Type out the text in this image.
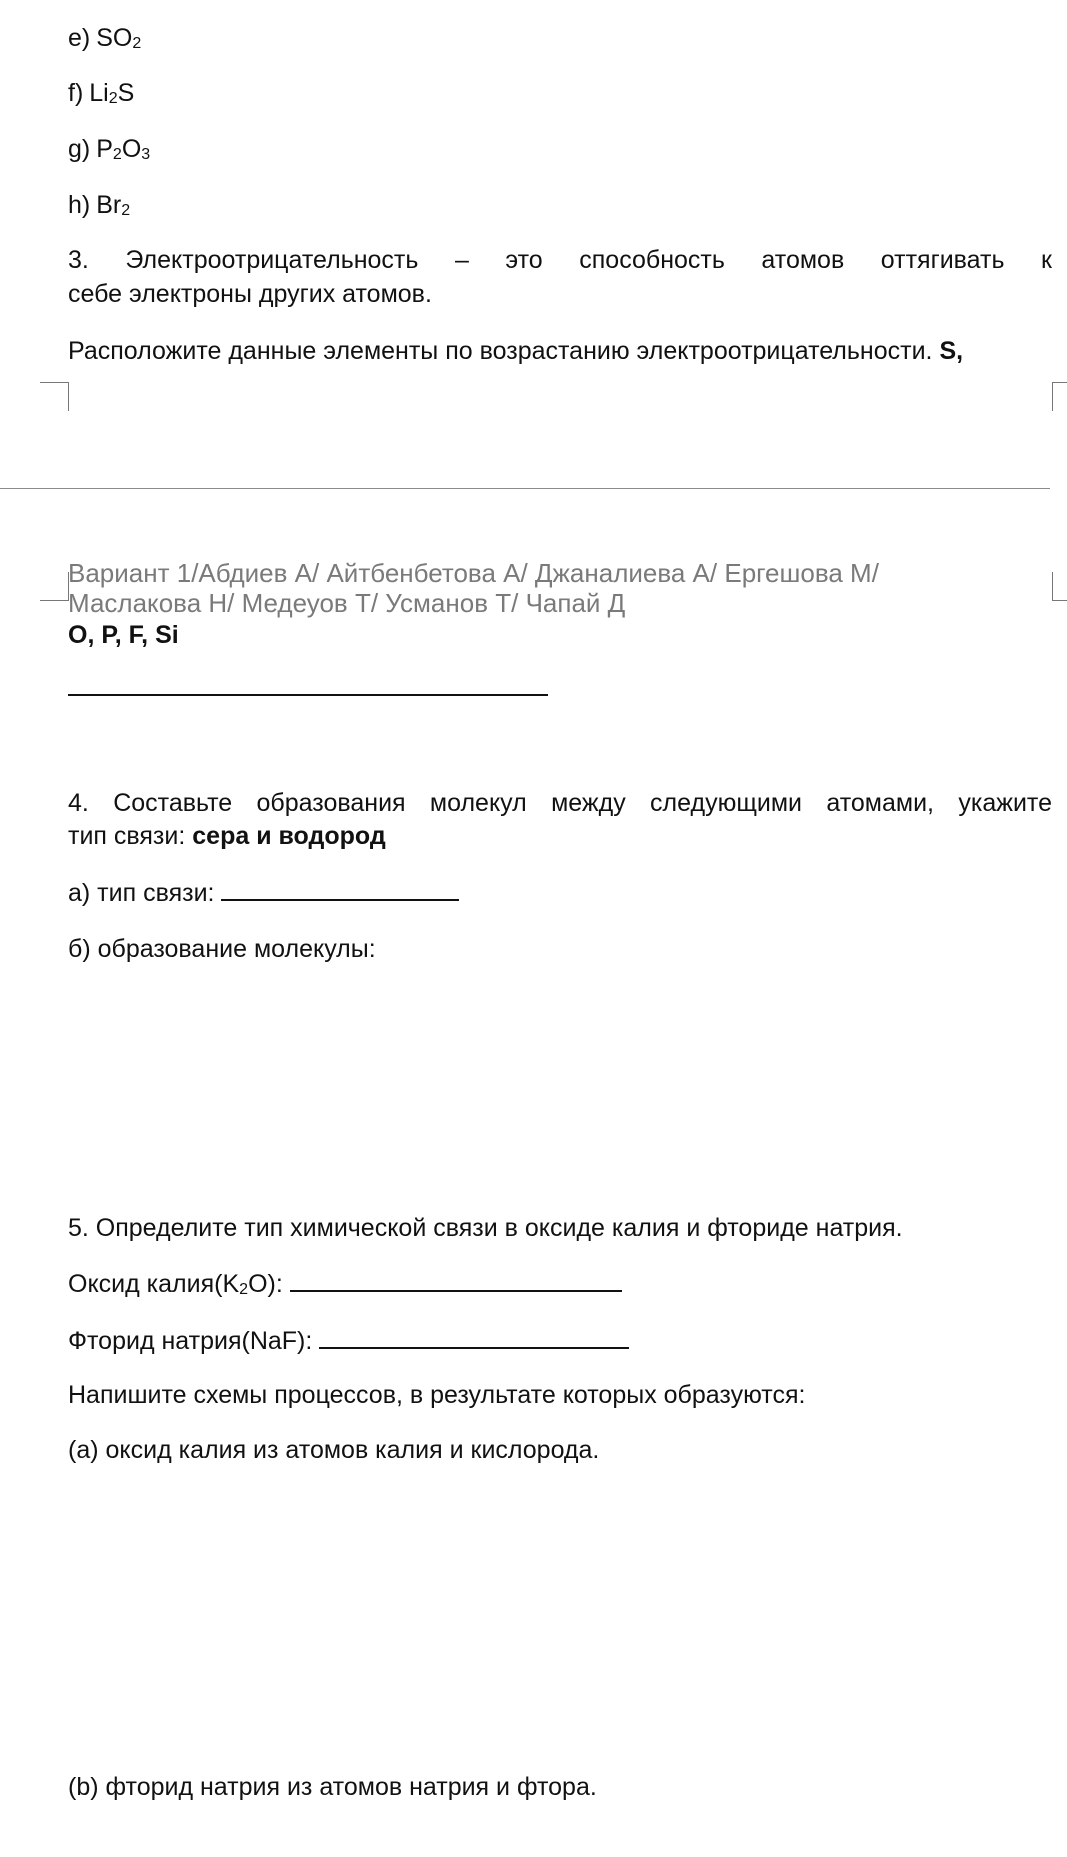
e) $SO_2$
f) $Li_2S$
g) $P_2O_3$
h) $Br_2$
3. Электроотрицательность – это способность атомов оттягивать к
себе электроны других атомов.
Расположите данные элементы по возрастанию электроотрицательности. S,
Вариант 1/Абдиев А/ Айтбенбетова А/ Джаналиева А/ Ергешова М/
Маслакова Н/ Медеуов Т/ Усманов Т/ Чапай Д
O, P, F, Si
4. Составьте образования молекул между следующими атомами, укажите
тип связи: сера и водород
а) тип связи:
б) образование молекулы:
5. Определите тип химической связи в оксиде калия и фториде натрия.
Оксид $калия(K_2O)$:
Фторид натрия(NaF):
Напишите схемы процессов, в результате которых образуются:
(a) оксид калия из атомов калия и кислорода.
(b) фторид натрия из атомов натрия и фтора.
